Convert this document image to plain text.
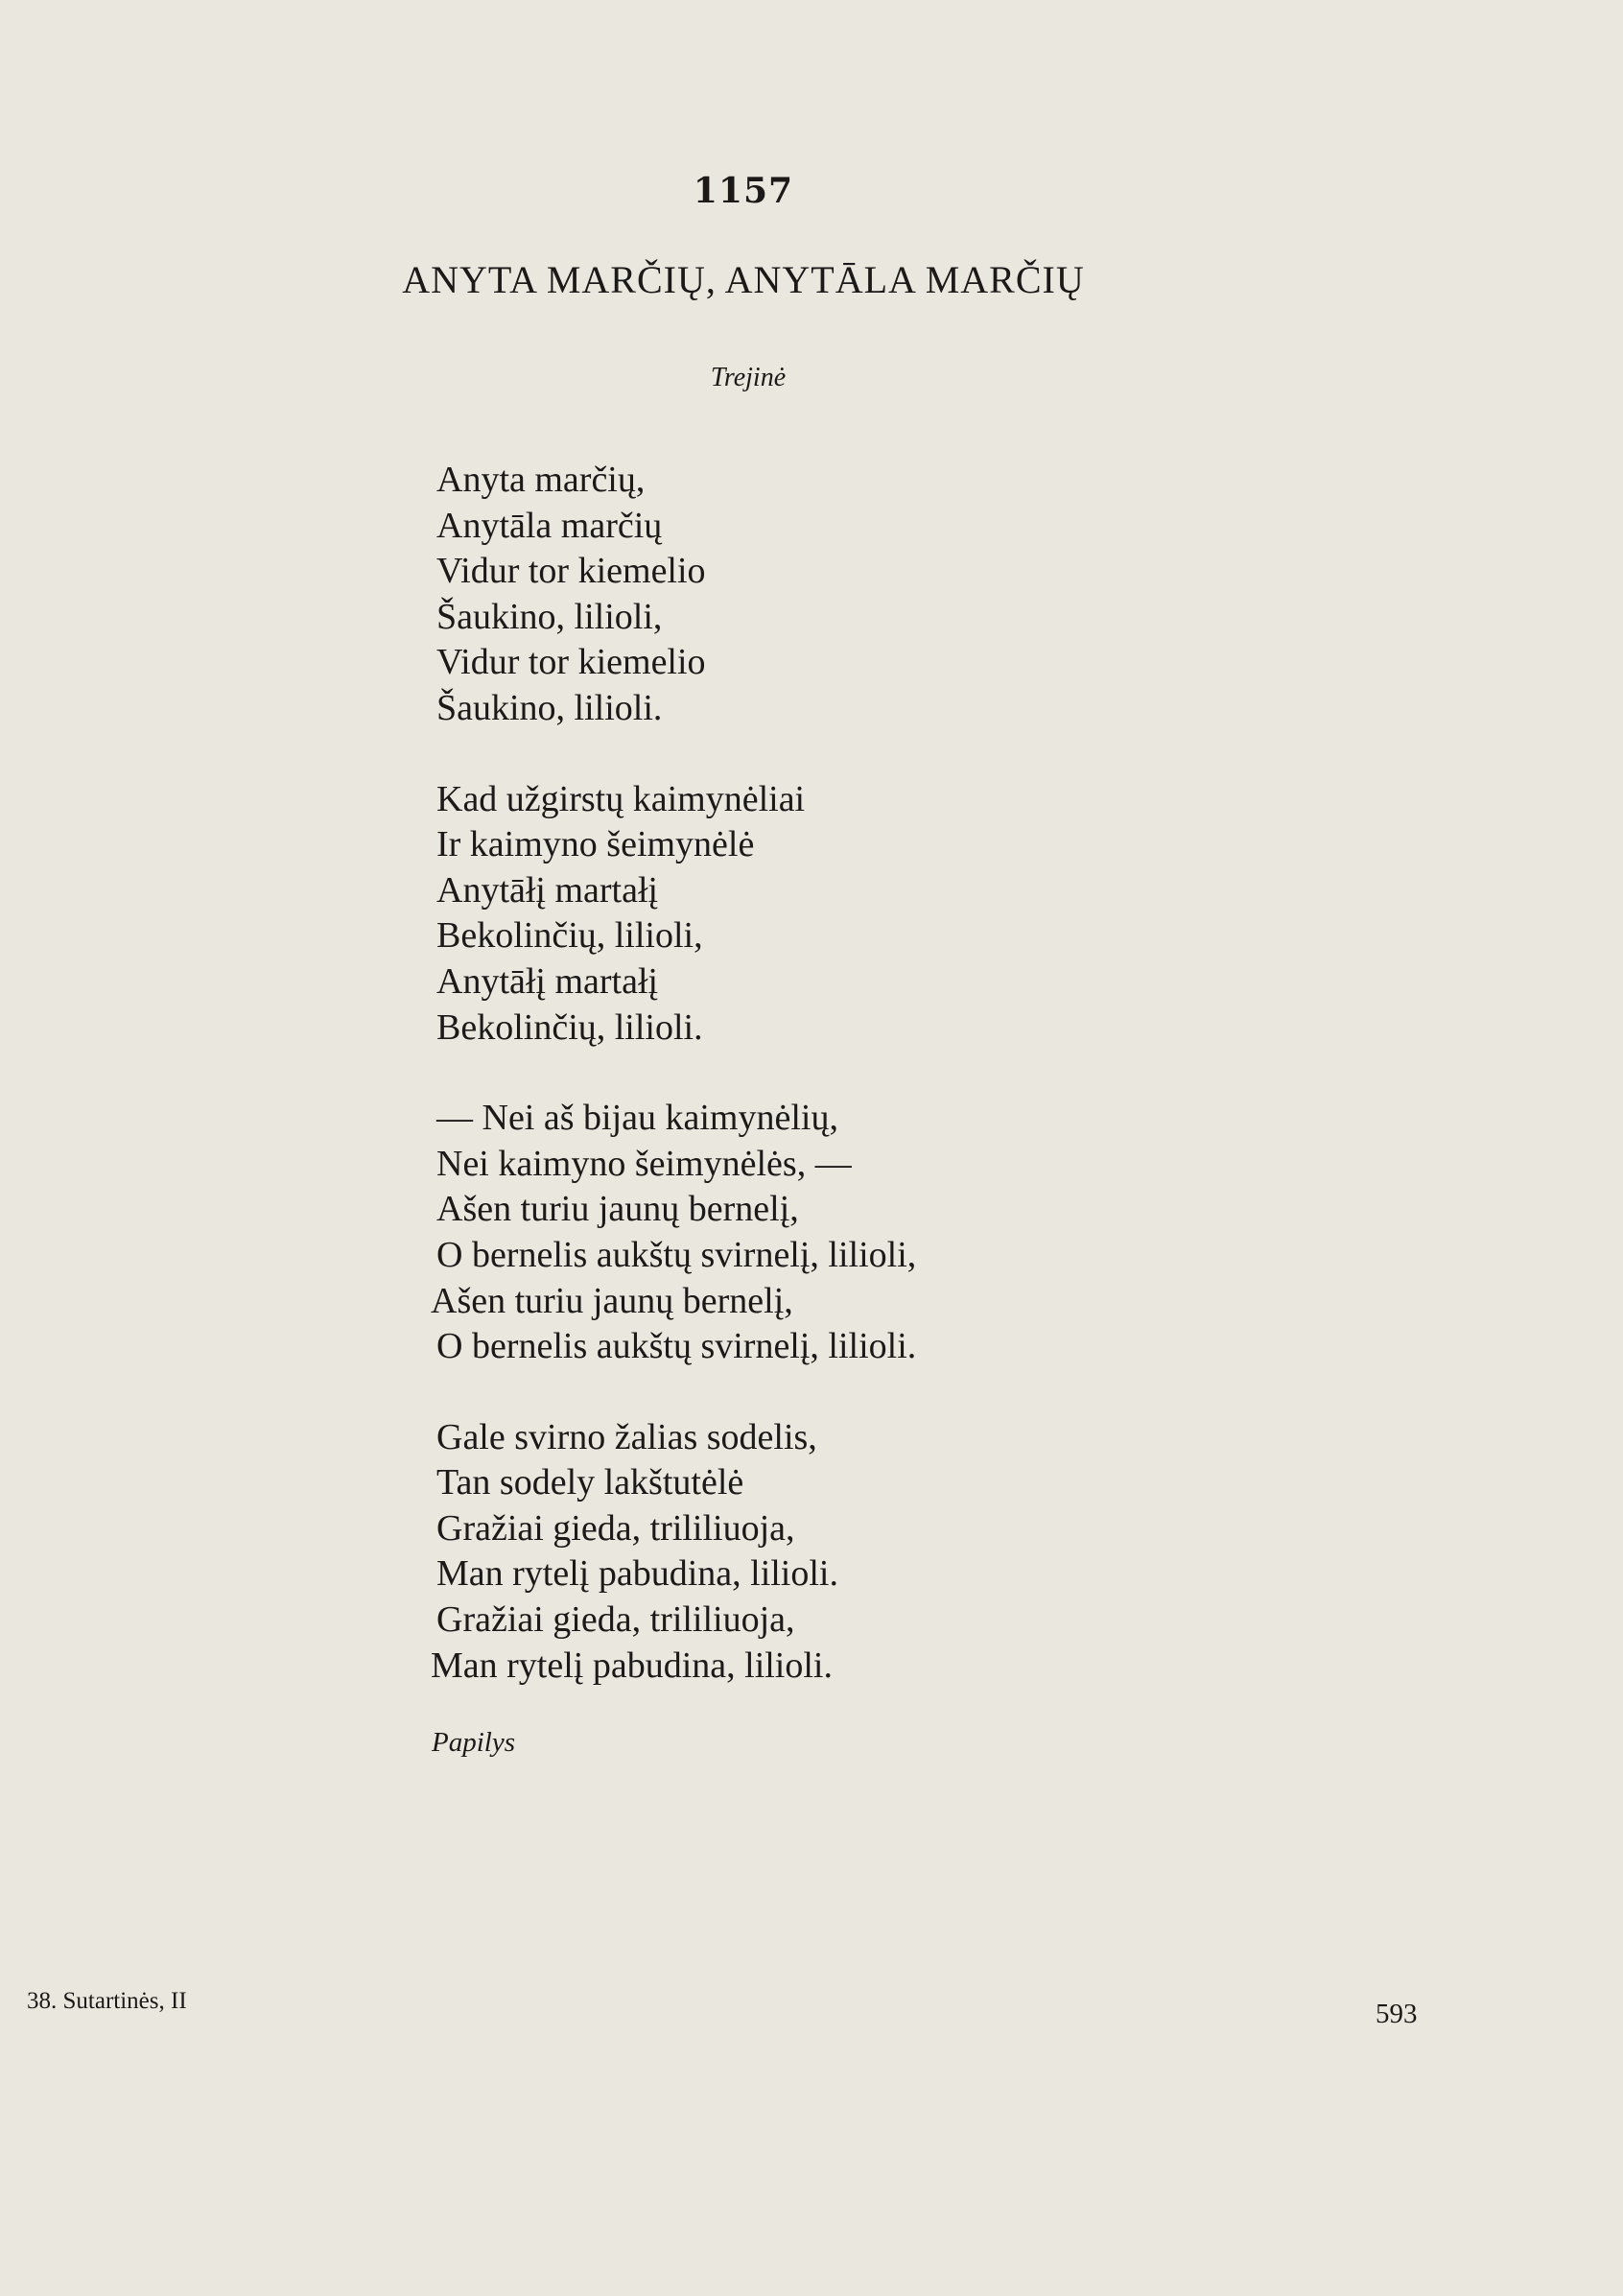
1157
ANYTA MARČIŲ, ANYTĀLA MARČIŲ
Trejinė
Anyta marčių,
Anytāla marčių
Vidur tor kiemelio
Šaukino, lilioli,
Vidur tor kiemelio
Šaukino, lilioli.
Kad užgirstų kaimynėliai
Ir kaimyno šeimynėlė
Anytāłį martałį
Bekolinčių, lilioli,
Anytāłį martałį
Bekolinčių, lilioli.
— Nei aš bijau kaimynėlių,
Nei kaimyno šeimynėlės, —
Ašen turiu jaunų bernelį,
O bernelis aukštų svirnelį, lilioli,
Ašen turiu jaunų bernelį,
O bernelis aukštų svirnelį, lilioli.
Gale svirno žalias sodelis,
Tan sodely lakštutėlė
Gražiai gieda, trililiuoja,
Man rytelį pabudina, lilioli.
Gražiai gieda, trililiuoja,
Man rytelį pabudina, lilioli.
Papilys
38. Sutartinės, II	593
